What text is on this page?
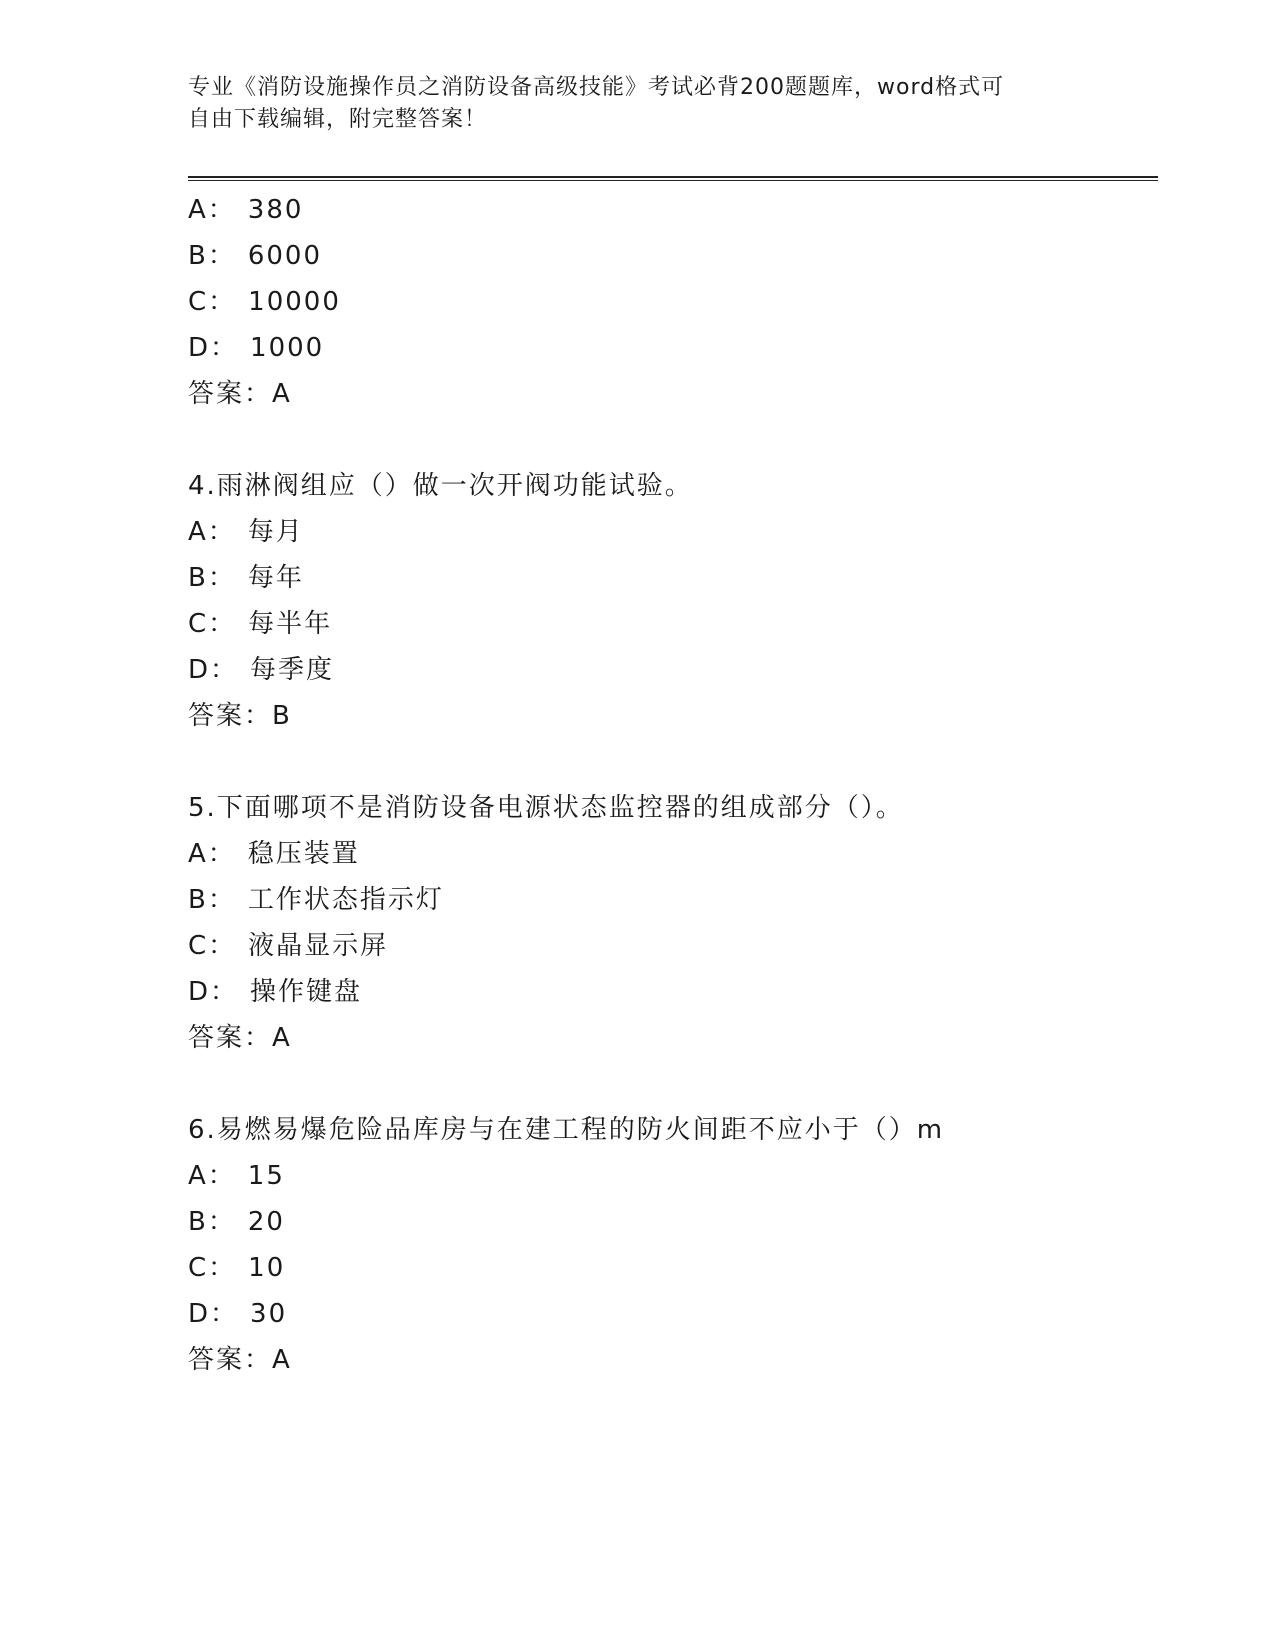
专业《消防设施操作员之消防设备高级技能》考试必背200题题库，word格式可
自由下载编辑，附完整答案！
A： 380
B： 6000
C： 10000
D： 1000
答案：A
4.雨淋阀组应（）做一次开阀功能试验。
A： 每月
B： 每年
C： 每半年
D： 每季度
答案：B
5.下面哪项不是消防设备电源状态监控器的组成部分（）。
A： 稳压装置
B： 工作状态指示灯
C： 液晶显示屏
D： 操作键盘
答案：A
6.易燃易爆危险品库房与在建工程的防火间距不应小于（）m
A： 15
B： 20
C： 10
D： 30
答案：A
